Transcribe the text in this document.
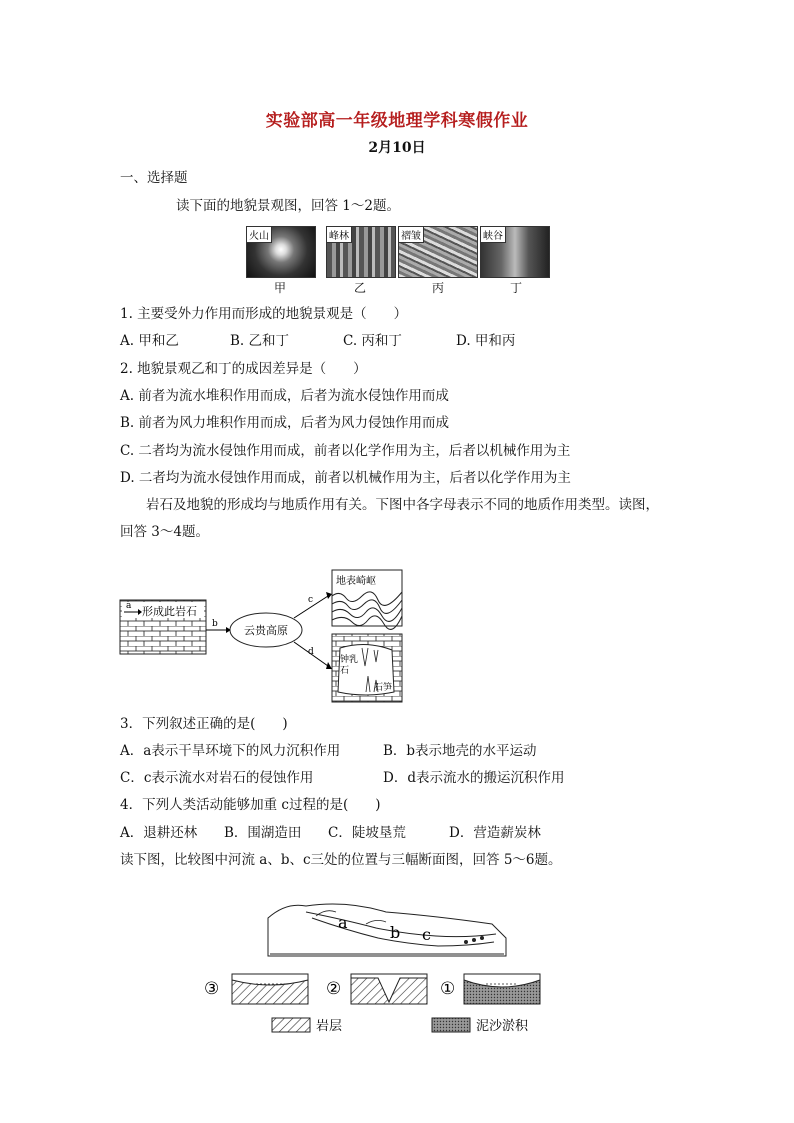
实验部高一年级地理学科寒假作业
2月10日
一、选择题
读下面的地貌景观图，回答 1～2题。
火山	峰林	褶皱	峡谷
甲	乙	丙	丁
1. 主要受外力作用而形成的地貌景观是（　　）
A. 甲和乙	B. 乙和丁	C. 丙和丁	D. 甲和丙
2. 地貌景观乙和丁的成因差异是（　　）
A. 前者为流水堆积作用而成，后者为流水侵蚀作用而成
B. 前者为风力堆积作用而成，后者为风力侵蚀作用而成
C. 二者均为流水侵蚀作用而成，前者以化学作用为主，后者以机械作用为主
D. 二者均为流水侵蚀作用而成，前者以机械作用为主，后者以化学作用为主
岩石及地貌的形成均与地质作用有关。下图中各字母表示不同的地质作用类型。读图，
回答 3～4题。
a 形成此岩石
b 云贵高原
c
d
地表崎岖
钟乳
石
石笋
3．下列叙述正确的是(　　)
A．a表示干旱环境下的风力沉积作用	B．b表示地壳的水平运动
C．c表示流水对岩石的侵蚀作用	D．d表示流水的搬运沉积作用
4．下列人类活动能够加重 c过程的是(　　)
A．退耕还林 B．围湖造田 C．陡坡垦荒	D．营造薪炭林
读下图，比较图中河流 a、b、c三处的位置与三幅断面图，回答 5～6题。
a
b c
③	②	①
岩层	泥沙淤积
